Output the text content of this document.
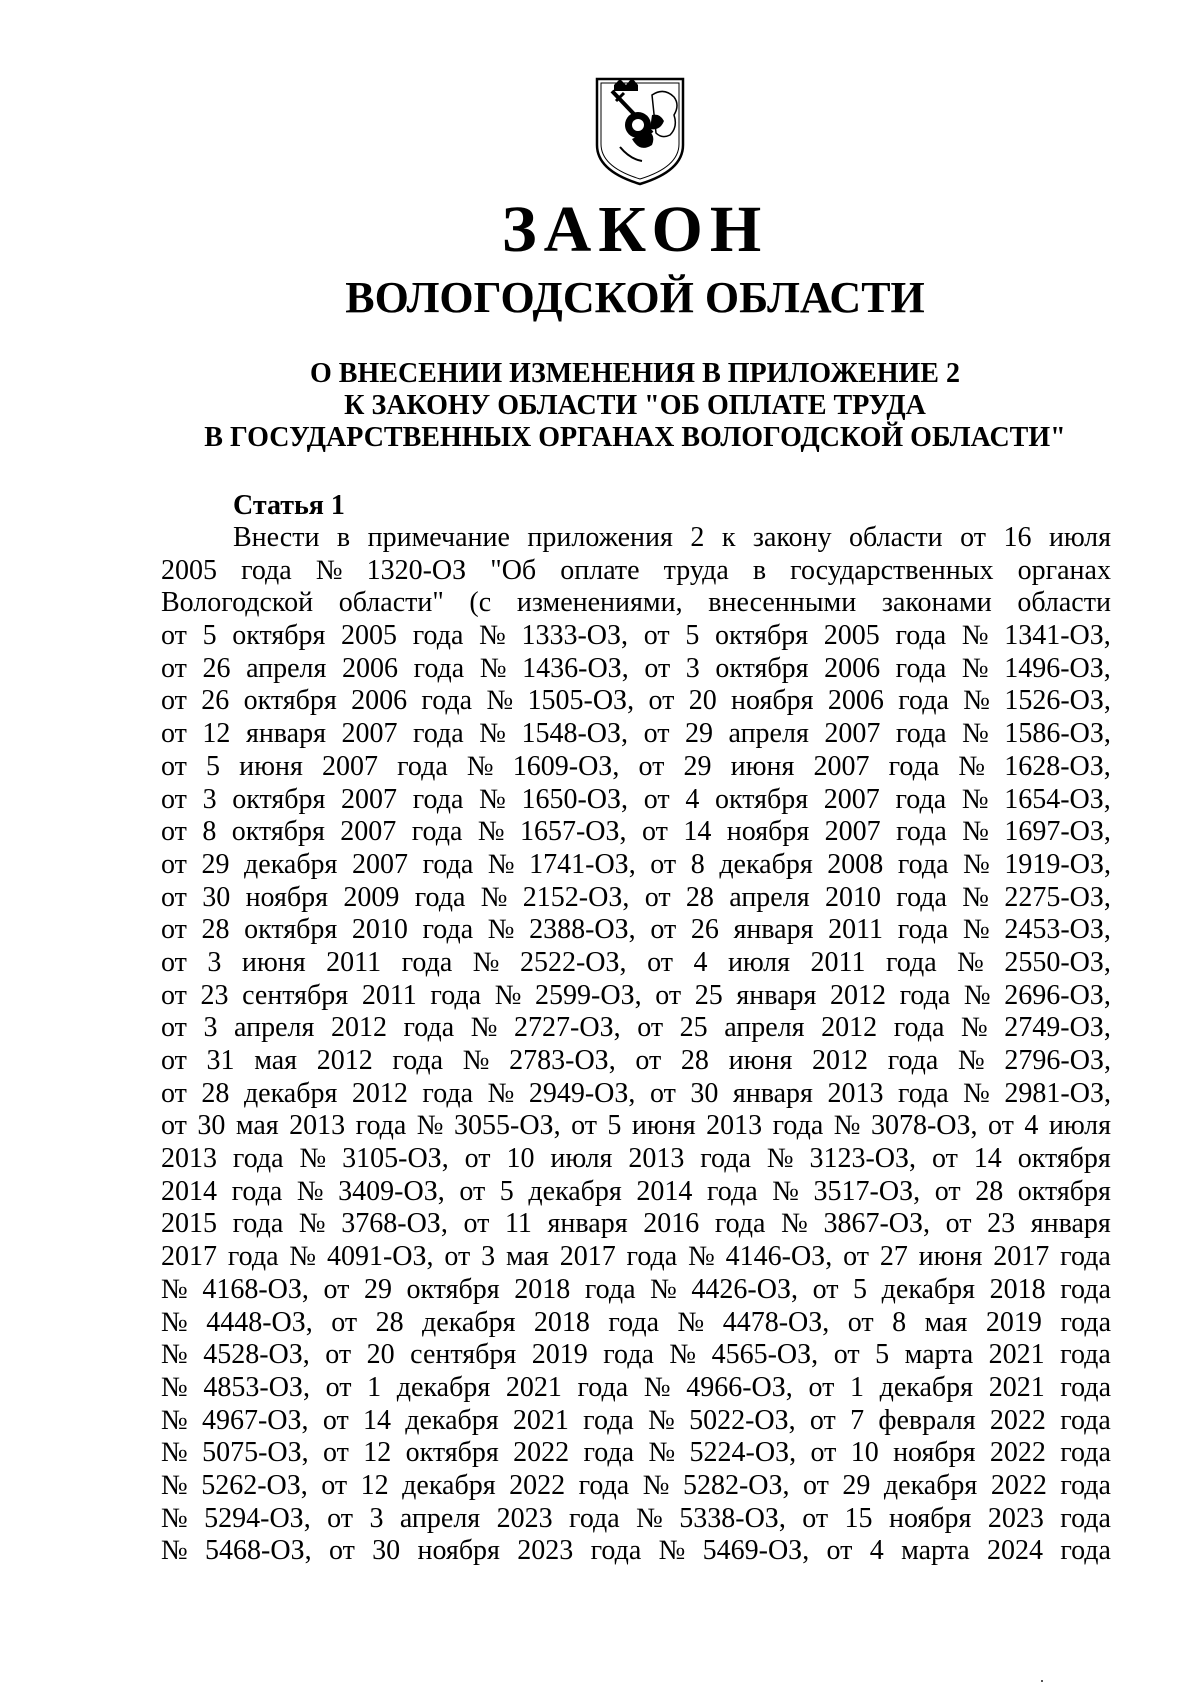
ЗАКОН
ВОЛОГОДСКОЙ ОБЛАСТИ
О ВНЕСЕНИИ ИЗМЕНЕНИЯ В ПРИЛОЖЕНИЕ 2
К ЗАКОНУ ОБЛАСТИ "ОБ ОПЛАТЕ ТРУДА
В ГОСУДАРСТВЕННЫХ ОРГАНАХ ВОЛОГОДСКОЙ ОБЛАСТИ"
Статья 1
Внести в примечание приложения 2 к закону области от 16 июля
2005 года № 1320-ОЗ "Об оплате труда в государственных органах
Вологодской области" (с изменениями, внесенными законами области
от 5 октября 2005 года № 1333-ОЗ, от 5 октября 2005 года № 1341-ОЗ,
от 26 апреля 2006 года № 1436-ОЗ, от 3 октября 2006 года № 1496-ОЗ,
от 26 октября 2006 года № 1505-ОЗ, от 20 ноября 2006 года № 1526-ОЗ,
от 12 января 2007 года № 1548-ОЗ, от 29 апреля 2007 года № 1586-ОЗ,
от 5 июня 2007 года № 1609-ОЗ, от 29 июня 2007 года № 1628-ОЗ,
от 3 октября 2007 года № 1650-ОЗ, от 4 октября 2007 года № 1654-ОЗ,
от 8 октября 2007 года № 1657-ОЗ, от 14 ноября 2007 года № 1697-ОЗ,
от 29 декабря 2007 года № 1741-ОЗ, от 8 декабря 2008 года № 1919-ОЗ,
от 30 ноября 2009 года № 2152-ОЗ, от 28 апреля 2010 года № 2275-ОЗ,
от 28 октября 2010 года № 2388-ОЗ, от 26 января 2011 года № 2453-ОЗ,
от 3 июня 2011 года № 2522-ОЗ, от 4 июля 2011 года № 2550-ОЗ,
от 23 сентября 2011 года № 2599-ОЗ, от 25 января 2012 года № 2696-ОЗ,
от 3 апреля 2012 года № 2727-ОЗ, от 25 апреля 2012 года № 2749-ОЗ,
от 31 мая 2012 года № 2783-ОЗ, от 28 июня 2012 года № 2796-ОЗ,
от 28 декабря 2012 года № 2949-ОЗ, от 30 января 2013 года № 2981-ОЗ,
от 30 мая 2013 года № 3055-ОЗ, от 5 июня 2013 года № 3078-ОЗ, от 4 июля
2013 года № 3105-ОЗ, от 10 июля 2013 года № 3123-ОЗ, от 14 октября
2014 года № 3409-ОЗ, от 5 декабря 2014 года № 3517-ОЗ, от 28 октября
2015 года № 3768-ОЗ, от 11 января 2016 года № 3867-ОЗ, от 23 января
2017 года № 4091-ОЗ, от 3 мая 2017 года № 4146-ОЗ, от 27 июня 2017 года
№ 4168-ОЗ, от 29 октября 2018 года № 4426-ОЗ, от 5 декабря 2018 года
№ 4448-ОЗ, от 28 декабря 2018 года № 4478-ОЗ, от 8 мая 2019 года
№ 4528-ОЗ, от 20 сентября 2019 года № 4565-ОЗ, от 5 марта 2021 года
№ 4853-ОЗ, от 1 декабря 2021 года № 4966-ОЗ, от 1 декабря 2021 года
№ 4967-ОЗ, от 14 декабря 2021 года № 5022-ОЗ, от 7 февраля 2022 года
№ 5075-ОЗ, от 12 октября 2022 года № 5224-ОЗ, от 10 ноября 2022 года
№ 5262-ОЗ, от 12 декабря 2022 года № 5282-ОЗ, от 29 декабря 2022 года
№ 5294-ОЗ, от 3 апреля 2023 года № 5338-ОЗ, от 15 ноября 2023 года
№ 5468-ОЗ, от 30 ноября 2023 года № 5469-ОЗ, от 4 марта 2024 года
